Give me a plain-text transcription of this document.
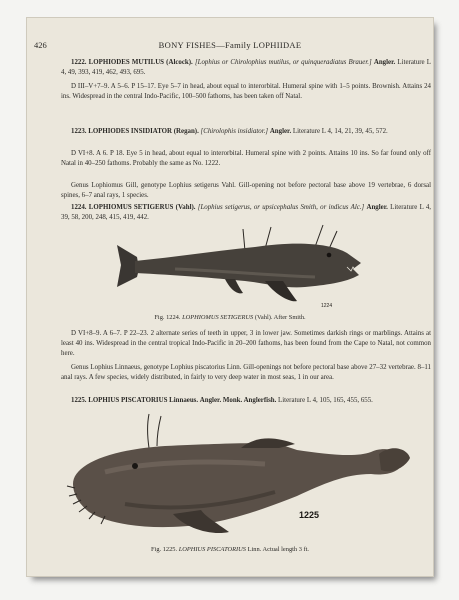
426	BONY FISHES—Family LOPHIIDAE

1222. LOPHIODES MUTILUS (Alcock). [Lophius or Chirolophius mutilus, or quinqueradiatus Brauer.] Angler. Literature L 4, 49, 393, 419, 462, 493, 695.

D III–V+7–9. A 5–6. P 15–17. Eye 5–7 in head, about equal to interorbital. Humeral spine with 1–5 points. Brownish. Attains 24 ins. Widespread in the central Indo-Pacific, 100–500 fathoms, has been taken off Natal.

1223. LOPHIODES INSIDIATOR (Regan). [Chirolophis insidiator.] Angler. Literature L 4, 14, 21, 39, 45, 572.

D VI+8. A 6. P 18. Eye 5 in head, about equal to interorbital. Humeral spine with 2 points. Attains 10 ins. So far found only off Natal in 40–250 fathoms. Probably the same as No. 1222.

Genus Lophiomus Gill, genotype Lophius setigerus Vahl. Gill-opening not before pectoral base above 19 vertebrae, 6 dorsal spines, 6–7 anal rays, 1 species.

1224. LOPHIOMUS SETIGERUS (Vahl). [Lophius setigerus, or upsicephalus Smith, or indicus Alc.] Angler. Literature L 4, 39, 58, 200, 248, 415, 419, 442.

1224

Fig. 1224. LOPHIOMUS SETIGERUS (Vahl). After Smith.

D VI+8–9. A 6–7. P 22–23. 2 alternate series of teeth in upper, 3 in lower jaw. Sometimes darkish rings or marblings. Attains at least 40 ins. Widespread in the central tropical Indo-Pacific in 20–200 fathoms, has been found from the Cape to Natal, not common here.

Genus Lophius Linnaeus, genotype Lophius piscatorius Linn. Gill-openings not before pectoral base above 27–32 vertebrae. 8–11 anal rays. A few species, widely distributed, in fairly to very deep water in most seas, 1 in our area.

1225. LOPHIUS PISCATORIUS Linnaeus. Angler. Monk. Anglerfish. Literature L 4, 105, 165, 455, 655.

1225

Fig. 1225. LOPHIUS PISCATORIUS Linn. Actual length 3 ft.
